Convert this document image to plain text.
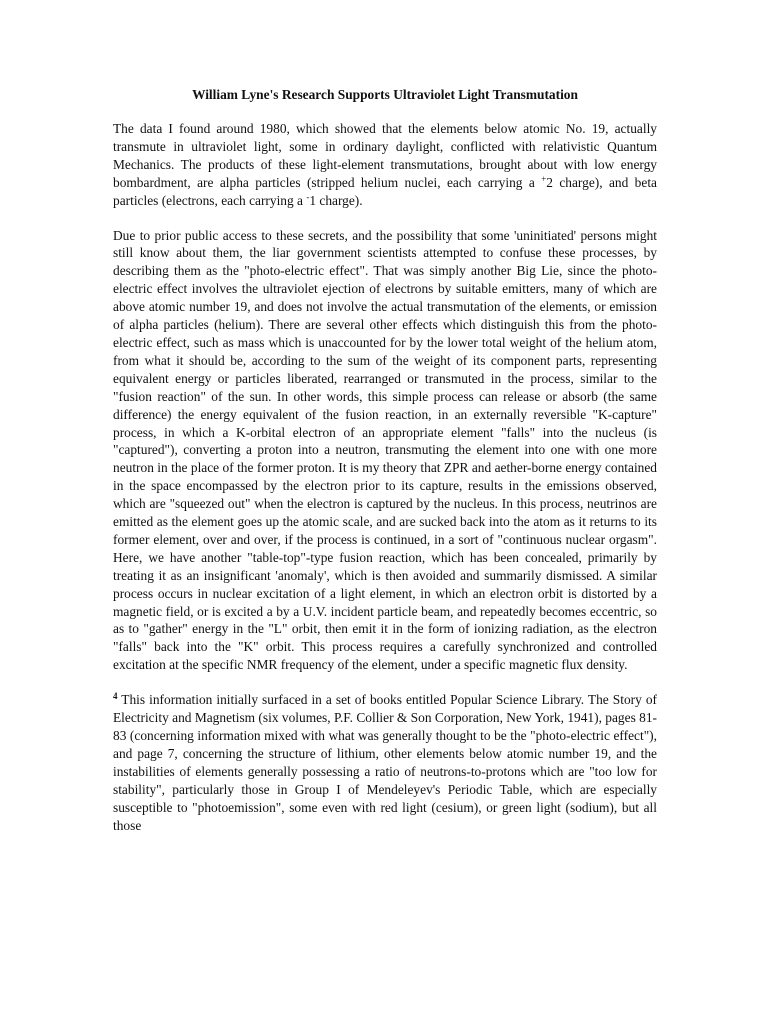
William Lyne's Research Supports Ultraviolet Light Transmutation

The data I found around 1980, which showed that the elements below atomic No. 19, actually transmute in ultraviolet light, some in ordinary daylight, conflicted with relativistic Quantum Mechanics. The products of these light-element transmutations, brought about with low energy bombardment, are alpha particles (stripped helium nuclei, each carrying a +2 charge), and beta particles (electrons, each carrying a -1 charge).

Due to prior public access to these secrets, and the possibility that some 'uninitiated' persons might still know about them, the liar government scientists attempted to confuse these processes, by describing them as the "photo-electric effect". That was simply another Big Lie, since the photo-electric effect involves the ultraviolet ejection of electrons by suitable emitters, many of which are above atomic number 19, and does not involve the actual transmutation of the elements, or emission of alpha particles (helium). There are several other effects which distinguish this from the photo-electric effect, such as mass which is unaccounted for by the lower total weight of the helium atom, from what it should be, according to the sum of the weight of its component parts, representing equivalent energy or particles liberated, rearranged or transmuted in the process, similar to the "fusion reaction" of the sun. In other words, this simple process can release or absorb (the same difference) the energy equivalent of the fusion reaction, in an externally reversible "K-capture" process, in which a K-orbital electron of an appropriate element "falls" into the nucleus (is "captured"), converting a proton into a neutron, transmuting the element into one with one more neutron in the place of the former proton. It is my theory that ZPR and aether-borne energy contained in the space encompassed by the electron prior to its capture, results in the emissions observed, which are "squeezed out" when the electron is captured by the nucleus. In this process, neutrinos are emitted as the element goes up the atomic scale, and are sucked back into the atom as it returns to its former element, over and over, if the process is continued, in a sort of "continuous nuclear orgasm". Here, we have another "table-top"-type fusion reaction, which has been concealed, primarily by treating it as an insignificant 'anomaly', which is then avoided and summarily dismissed. A similar process occurs in nuclear excitation of a light element, in which an electron orbit is distorted by a magnetic field, or is excited a by a U.V. incident particle beam, and repeatedly becomes eccentric, so as to "gather" energy in the "L" orbit, then emit it in the form of ionizing radiation, as the electron "falls" back into the "K" orbit. This process requires a carefully synchronized and controlled excitation at the specific NMR frequency of the element, under a specific magnetic flux density.

$^4$ This information initially surfaced in a set of books entitled Popular Science Library. The Story of Electricity and Magnetism (six volumes, P.F. Collier & Son Corporation, New York, 1941), pages 81-83 (concerning information mixed with what was generally thought to be the "photo-electric effect"), and page 7, concerning the structure of lithium, other elements below atomic number 19, and the instabilities of elements generally possessing a ratio of neutrons-to-protons which are "too low for stability", particularly those in Group I of Mendeleyev's Periodic Table, which are especially susceptible to "photoemission", some even with red light (cesium), or green light (sodium), but all those
